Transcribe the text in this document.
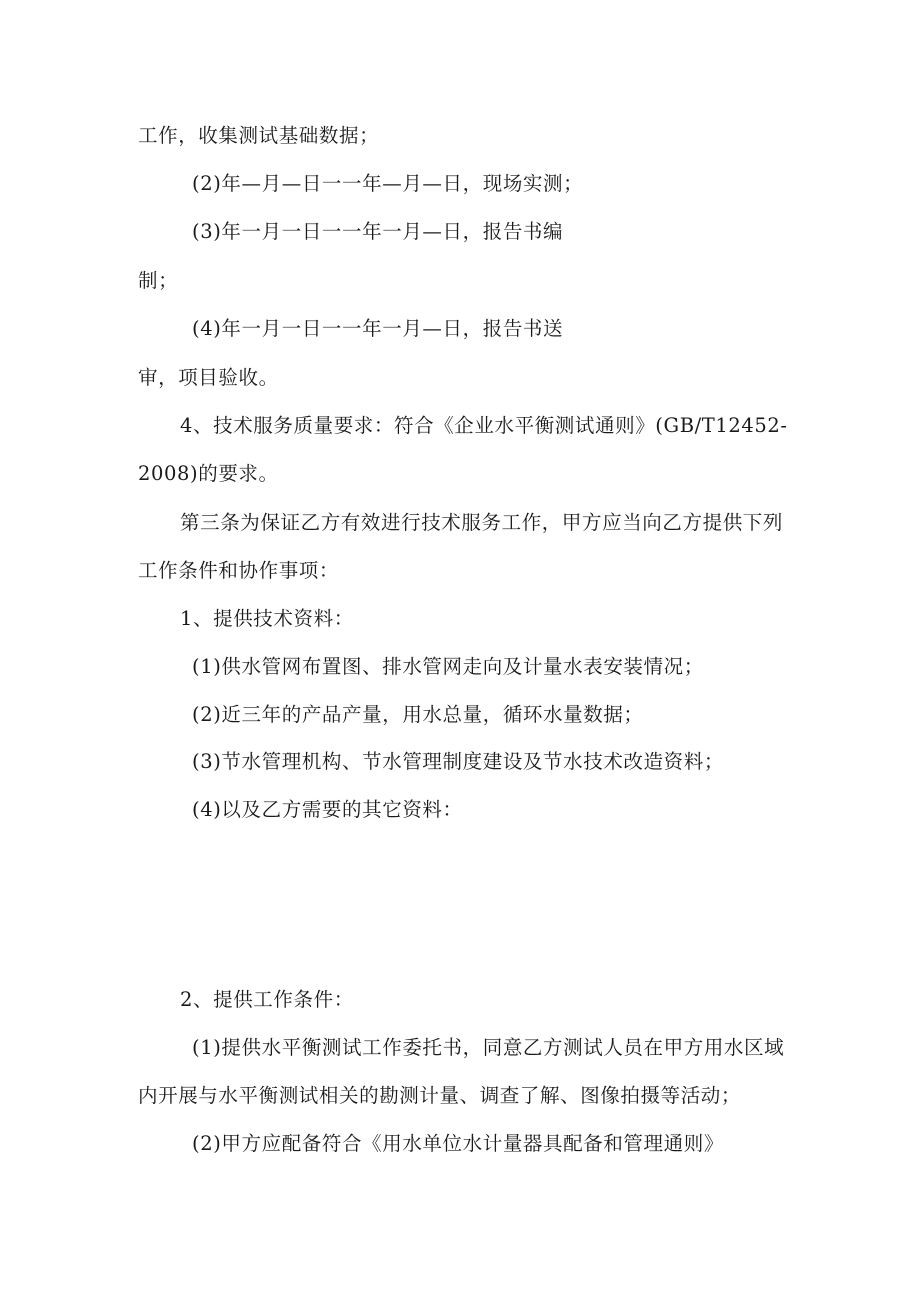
工作，收集测试基础数据；
(2)年—月—日一一年—月—日，现场实测；
(3)年一月一日一一年一月—日，报告书编
制；
(4)年一月一日一一年一月—日，报告书送
审，项目验收。
4、技术服务质量要求：符合《企业水平衡测试通则》(GB/T12452-
2008)的要求。
第三条为保证乙方有效进行技术服务工作，甲方应当向乙方提供下列
工作条件和协作事项：
1、提供技术资料：
(1)供水管网布置图、排水管网走向及计量水表安装情况；
(2)近三年的产品产量，用水总量，循环水量数据；
(3)节水管理机构、节水管理制度建设及节水技术改造资料；
(4)以及乙方需要的其它资料：
2、提供工作条件：
(1)提供水平衡测试工作委托书，同意乙方测试人员在甲方用水区域
内开展与水平衡测试相关的勘测计量、调查了解、图像拍摄等活动；
(2)甲方应配备符合《用水单位水计量器具配备和管理通则》
